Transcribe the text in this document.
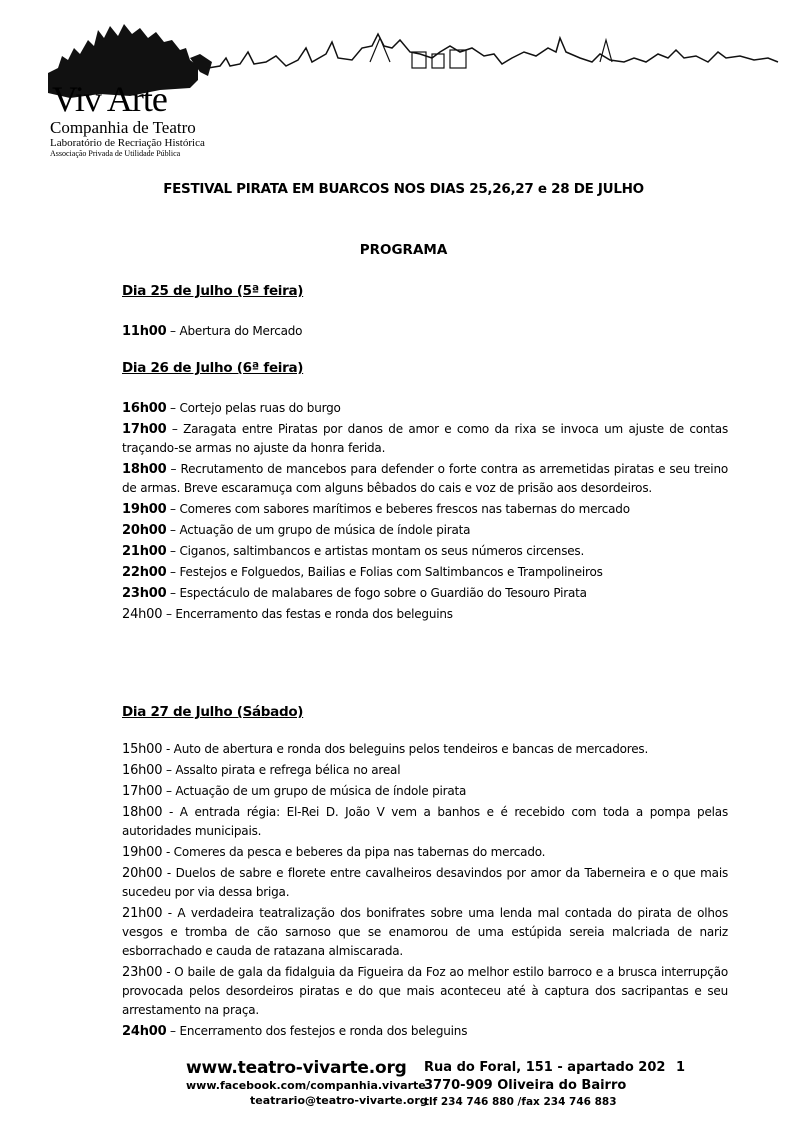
Viv Arte
Companhia de Teatro
Laboratório de Recriação Histórica
Associação Privada de Utilidade Pública
FESTIVAL PIRATA EM BUARCOS NOS DIAS 25,26,27 e 28 DE JULHO
PROGRAMA
Dia 25 de Julho (5ª feira)
11h00 – Abertura do Mercado
Dia 26 de Julho (6ª feira)
16h00 – Cortejo pelas ruas do burgo
17h00 – Zaragata entre Piratas por danos de amor e como da rixa se invoca um ajuste de contas traçando-se armas no ajuste da honra ferida.
18h00 – Recrutamento de mancebos para defender o forte contra as arremetidas piratas e seu treino de armas. Breve escaramuça com alguns bêbados do cais e voz de prisão aos desordeiros.
19h00 – Comeres com sabores marítimos e beberes frescos nas tabernas do mercado
20h00 – Actuação de um grupo de música de índole pirata
21h00 – Ciganos, saltimbancos e artistas montam os seus números circenses.
22h00 – Festejos e Folguedos, Bailias e Folias com Saltimbancos e Trampolineiros
23h00 – Espectáculo de malabares de fogo sobre o Guardião do Tesouro Pirata
24h00 – Encerramento das festas e ronda dos beleguins
Dia 27 de Julho (Sábado)
15h00 - Auto de abertura e ronda dos beleguins pelos tendeiros e bancas de mercadores.
16h00 – Assalto pirata e refrega bélica no areal
17h00 – Actuação de um grupo de música de índole pirata
18h00 - A entrada régia: El-Rei D. João V vem a banhos e é recebido com toda a pompa pelas autoridades municipais.
19h00 - Comeres da pesca e beberes da pipa nas tabernas do mercado.
20h00 - Duelos de sabre e florete entre cavalheiros desavindos por amor da Taberneira e o que mais sucedeu por via dessa briga.
21h00 - A verdadeira teatralização dos bonifrates sobre uma lenda mal contada do pirata de olhos vesgos e tromba de cão sarnoso que se enamorou de uma estúpida sereia malcriada de nariz esborrachado e cauda de ratazana almiscarada.
23h00 - O baile de gala da fidalguia da Figueira da Foz ao melhor estilo barroco e a brusca interrupção provocada pelos desordeiros piratas e do que mais aconteceu até à captura dos sacripantas e seu arrestamento na praça.
24h00 – Encerramento dos festejos e ronda dos beleguins
www.teatro-vivarte.org
www.facebook.com/companhia.vivarte
teatrario@teatro-vivarte.org
Rua do Foral, 151 - apartado 202
3770-909 Oliveira do Bairro
tlf 234 746 880 /fax 234 746 883
1
